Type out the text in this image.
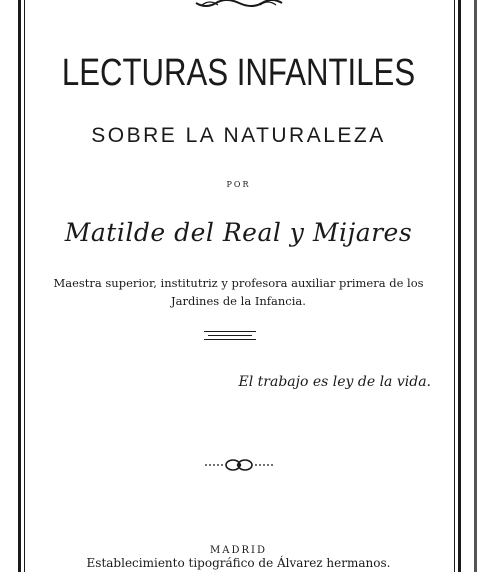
LECTURAS INFANTILES
SOBRE LA NATURALEZA
POR
Matilde del Real y Mijares
Maestra superior, institutriz y profesora auxiliar primera de los
Jardines de la Infancia.
El trabajo es ley de la vida.
MADRID
Establecimiento tipográfico de Álvarez hermanos.
